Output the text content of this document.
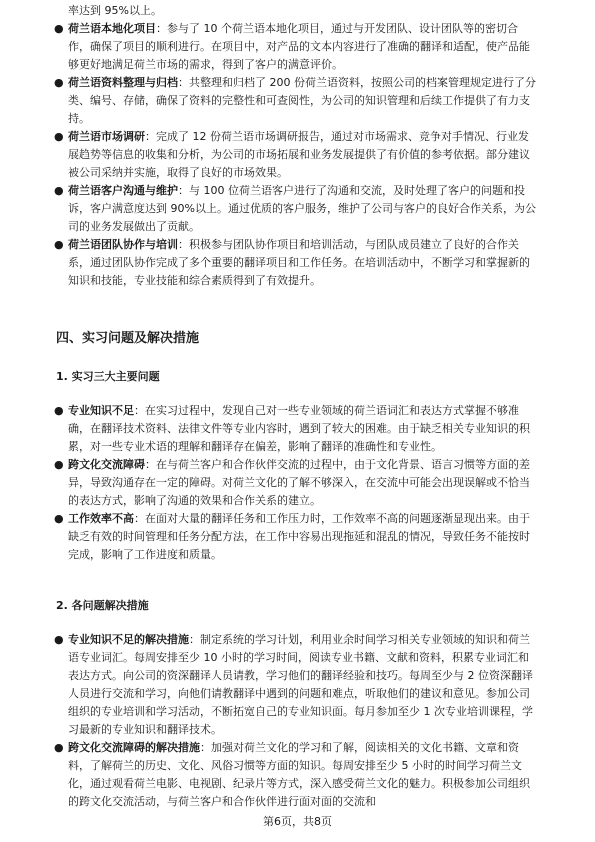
率达到 95%以上。

● 荷兰语本地化项目：参与了 10 个荷兰语本地化项目，通过与开发团队、设计团队等的密切合作，确保了项目的顺利进行。在项目中，对产品的文本内容进行了准确的翻译和适配，使产品能够更好地满足荷兰市场的需求，得到了客户的满意评价。

● 荷兰语资料整理与归档：共整理和归档了 200 份荷兰语资料，按照公司的档案管理规定进行了分类、编号、存储，确保了资料的完整性和可查阅性，为公司的知识管理和后续工作提供了有力支持。

● 荷兰语市场调研：完成了 12 份荷兰语市场调研报告，通过对市场需求、竞争对手情况、行业发展趋势等信息的收集和分析，为公司的市场拓展和业务发展提供了有价值的参考依据。部分建议被公司采纳并实施，取得了良好的市场效果。

● 荷兰语客户沟通与维护：与 100 位荷兰语客户进行了沟通和交流，及时处理了客户的问题和投诉，客户满意度达到 90%以上。通过优质的客户服务，维护了公司与客户的良好合作关系，为公司的业务发展做出了贡献。

● 荷兰语团队协作与培训：积极参与团队协作项目和培训活动，与团队成员建立了良好的合作关系，通过团队协作完成了多个重要的翻译项目和工作任务。在培训活动中，不断学习和掌握新的知识和技能，专业技能和综合素质得到了有效提升。

四、实习问题及解决措施
1. 实习三大主要问题

● 专业知识不足：在实习过程中，发现自己对一些专业领域的荷兰语词汇和表达方式掌握不够准确，在翻译技术资料、法律文件等专业内容时，遇到了较大的困难。由于缺乏相关专业知识的积累，对一些专业术语的理解和翻译存在偏差，影响了翻译的准确性和专业性。

● 跨文化交流障碍：在与荷兰客户和合作伙伴交流的过程中，由于文化背景、语言习惯等方面的差异，导致沟通存在一定的障碍。对荷兰文化的了解不够深入，在交流中可能会出现误解或不恰当的表达方式，影响了沟通的效果和合作关系的建立。

● 工作效率不高：在面对大量的翻译任务和工作压力时，工作效率不高的问题逐渐显现出来。由于缺乏有效的时间管理和任务分配方法，在工作中容易出现拖延和混乱的情况，导致任务不能按时完成，影响了工作进度和质量。

2. 各问题解决措施

● 专业知识不足的解决措施：制定系统的学习计划，利用业余时间学习相关专业领域的知识和荷兰语专业词汇。每周安排至少 10 小时的学习时间，阅读专业书籍、文献和资料，积累专业词汇和表达方式。向公司的资深翻译人员请教，学习他们的翻译经验和技巧。每周至少与 2 位资深翻译人员进行交流和学习，向他们请教翻译中遇到的问题和难点，听取他们的建议和意见。参加公司组织的专业培训和学习活动，不断拓宽自己的专业知识面。每月参加至少 1 次专业培训课程，学习最新的专业知识和翻译技术。

● 跨文化交流障碍的解决措施：加强对荷兰文化的学习和了解，阅读相关的文化书籍、文章和资料，了解荷兰的历史、文化、风俗习惯等方面的知识。每周安排至少 5 小时的时间学习荷兰文化，通过观看荷兰电影、电视剧、纪录片等方式，深入感受荷兰文化的魅力。积极参加公司组织的跨文化交流活动，与荷兰客户和合作伙伴进行面对面的交流和

第6页，共8页
